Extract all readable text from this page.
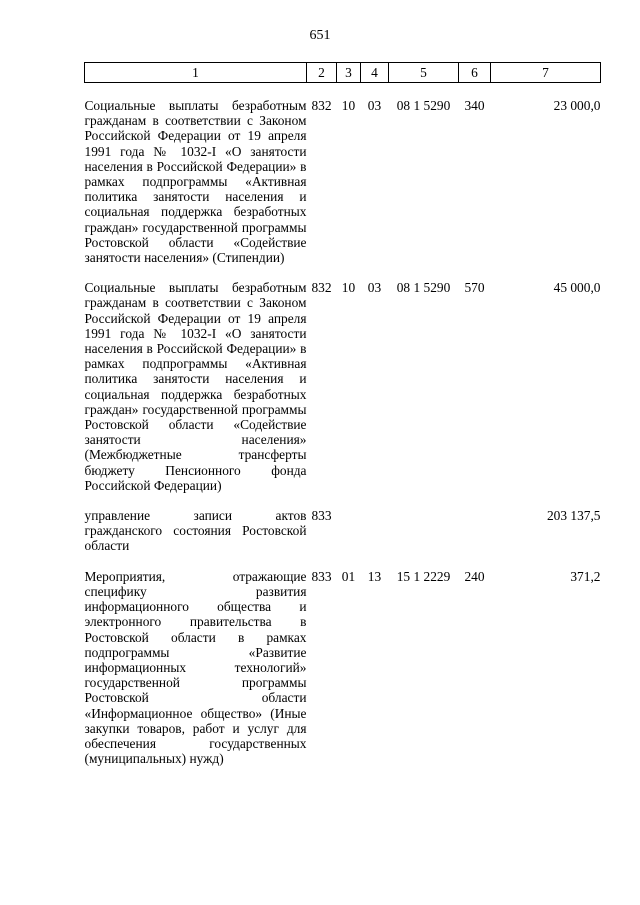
651
1	2	3	4	5	6	7

Социальные выплаты безработным гражданам в соответствии с Законом Российской Федерации от 19 апреля 1991 года № 1032-I «О занятости населения в Российской Федерации» в рамках подпрограммы «Активная политика занятости населения и социальная поддержка безработных граждан» государственной программы Ростовской области «Содействие занятости населения» (Стипендии)	832	10	03	08 1 5290	340	23 000,0

Социальные выплаты безработным гражданам в соответствии с Законом Российской Федерации от 19 апреля 1991 года № 1032-I «О занятости населения в Российской Федерации» в рамках подпрограммы «Активная политика занятости населения и социальная поддержка безработных граждан» государственной программы Ростовской области «Содействие занятости населения» (Межбюджетные трансферты бюджету Пенсионного фонда Российской Федерации)	832	10	03	08 1 5290	570	45 000,0

управление записи актов гражданского состояния Ростовской области	833					203 137,5

Мероприятия, отражающие специфику развития информационного общества и электронного правительства в Ростовской области в рамках подпрограммы «Развитие информационных технологий» государственной программы Ростовской области «Информационное общество» (Иные закупки товаров, работ и услуг для обеспечения государственных (муниципальных) нужд)	833	01	13	15 1 2229	240	371,2
